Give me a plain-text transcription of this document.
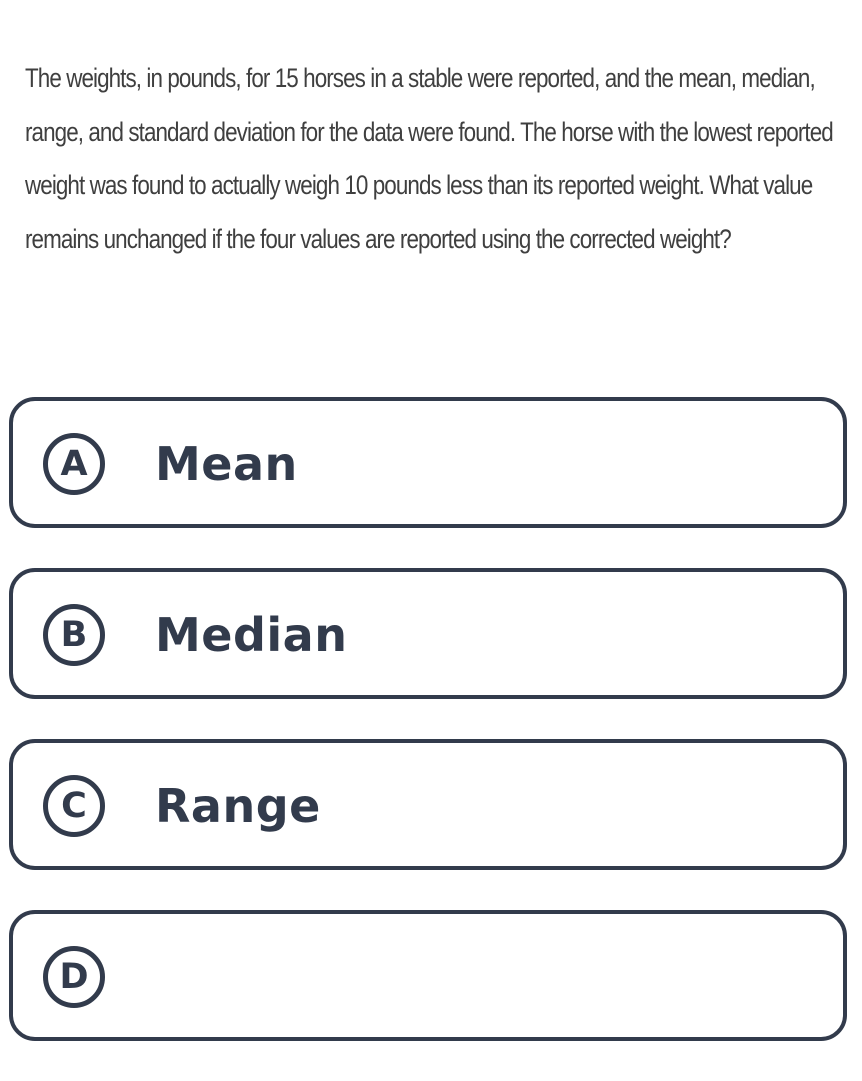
The weights, in pounds, for 15 horses in a stable were reported, and the mean, median, range, and standard deviation for the data were found. The horse with the lowest reported weight was found to actually weigh 10 pounds less than its reported weight. What value remains unchanged if the four values are reported using the corrected weight?

A	Mean
B	Median
C	Range
D
